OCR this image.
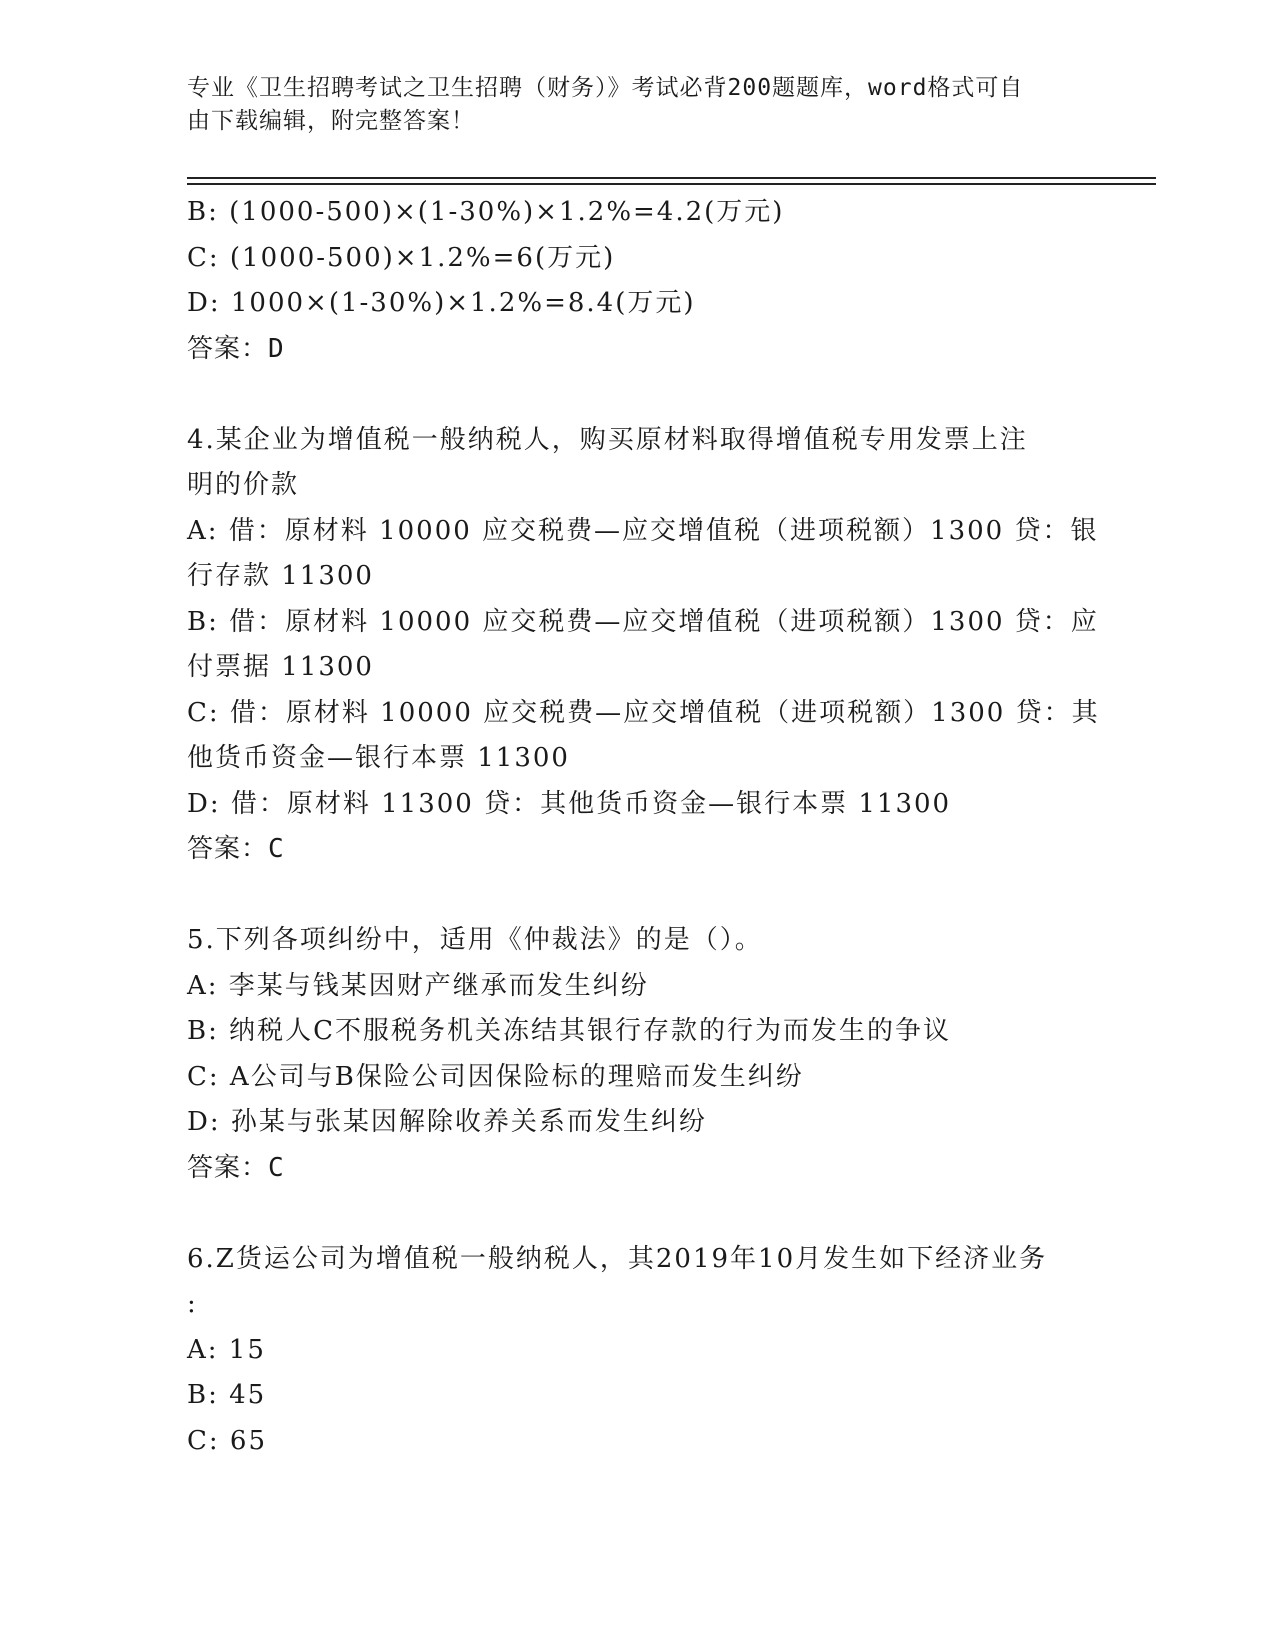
专业《卫生招聘考试之卫生招聘（财务）》考试必背200题题库，word格式可自
由下载编辑，附完整答案！
B: (1000-500)×(1-30%)×1.2%=4.2(万元)
C: (1000-500)×1.2%=6(万元)
D: 1000×(1-30%)×1.2%=8.4(万元)
答案：D
4.某企业为增值税一般纳税人，购买原材料取得增值税专用发票上注
明的价款
A: 借：原材料 10000 应交税费—应交增值税（进项税额）1300 贷：银
行存款 11300
B: 借：原材料 10000 应交税费—应交增值税（进项税额）1300 贷：应
付票据 11300
C: 借：原材料 10000 应交税费—应交增值税（进项税额）1300 贷：其
他货币资金—银行本票 11300
D: 借：原材料 11300 贷：其他货币资金—银行本票 11300
答案：C
5.下列各项纠纷中，适用《仲裁法》的是（）。
A: 李某与钱某因财产继承而发生纠纷
B: 纳税人C不服税务机关冻结其银行存款的行为而发生的争议
C: A公司与B保险公司因保险标的理赔而发生纠纷
D: 孙某与张某因解除收养关系而发生纠纷
答案：C
6.Z货运公司为增值税一般纳税人，其2019年10月发生如下经济业务
:
A: 15
B: 45
C: 65
